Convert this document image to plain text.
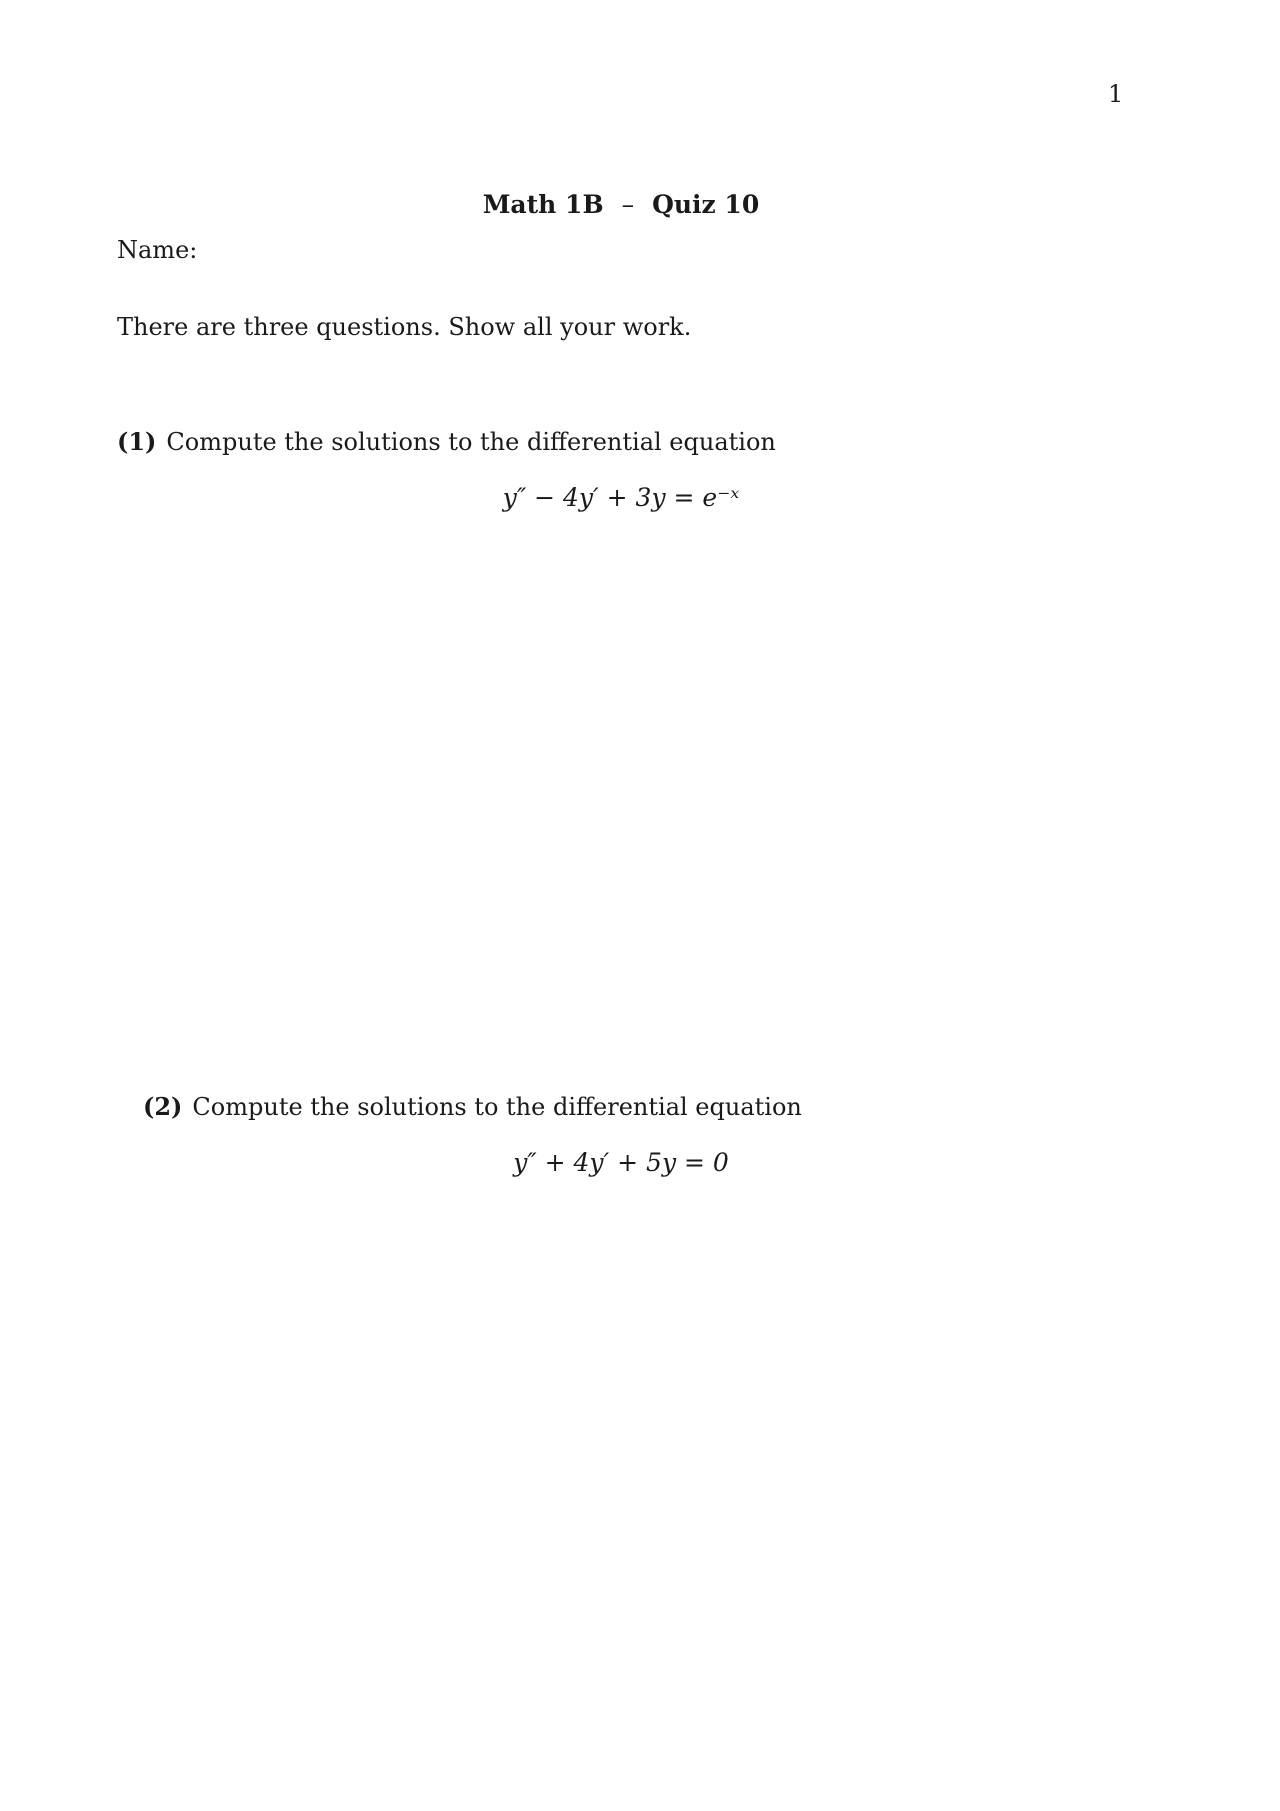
1
Math 1B – Quiz 10
Name:
There are three questions. Show all your work.
(1) Compute the solutions to the differential equation
y″ − 4y′ + 3y = e⁻ˣ
(2) Compute the solutions to the differential equation
y″ + 4y′ + 5y = 0
